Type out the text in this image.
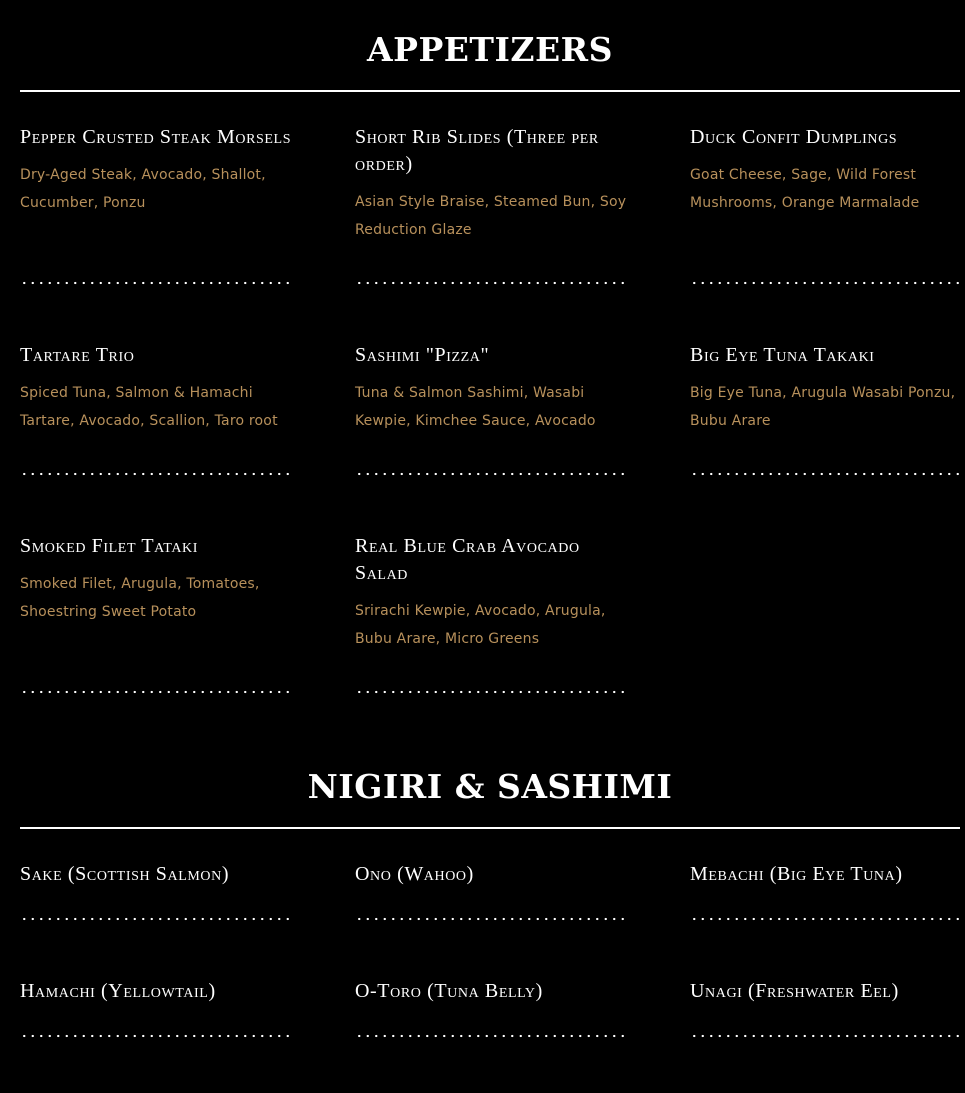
APPETIZERS
Pepper Crusted Steak Morsels
Dry-Aged Steak, Avocado, Shallot, Cucumber, Ponzu
Short Rib Slides (Three per order)
Asian Style Braise, Steamed Bun, Soy Reduction Glaze
Duck Confit Dumplings
Goat Cheese, Sage, Wild Forest Mushrooms, Orange Marmalade
Tartare Trio
Spiced Tuna, Salmon & Hamachi Tartare, Avocado, Scallion, Taro root
Sashimi "Pizza"
Tuna & Salmon Sashimi, Wasabi Kewpie, Kimchee Sauce, Avocado
Big Eye Tuna Takaki
Big Eye Tuna, Arugula Wasabi Ponzu, Bubu Arare
Smoked Filet Tataki
Smoked Filet, Arugula, Tomatoes, Shoestring Sweet Potato
Real Blue Crab Avocado Salad
Srirachi Kewpie, Avocado, Arugula, Bubu Arare, Micro Greens
NIGIRI & SASHIMI
Sake (Scottish Salmon)	Ono (Wahoo)	Mebachi (Big Eye Tuna)
Hamachi (Yellowtail)	O-Toro (Tuna Belly)	Unagi (Freshwater Eel)
